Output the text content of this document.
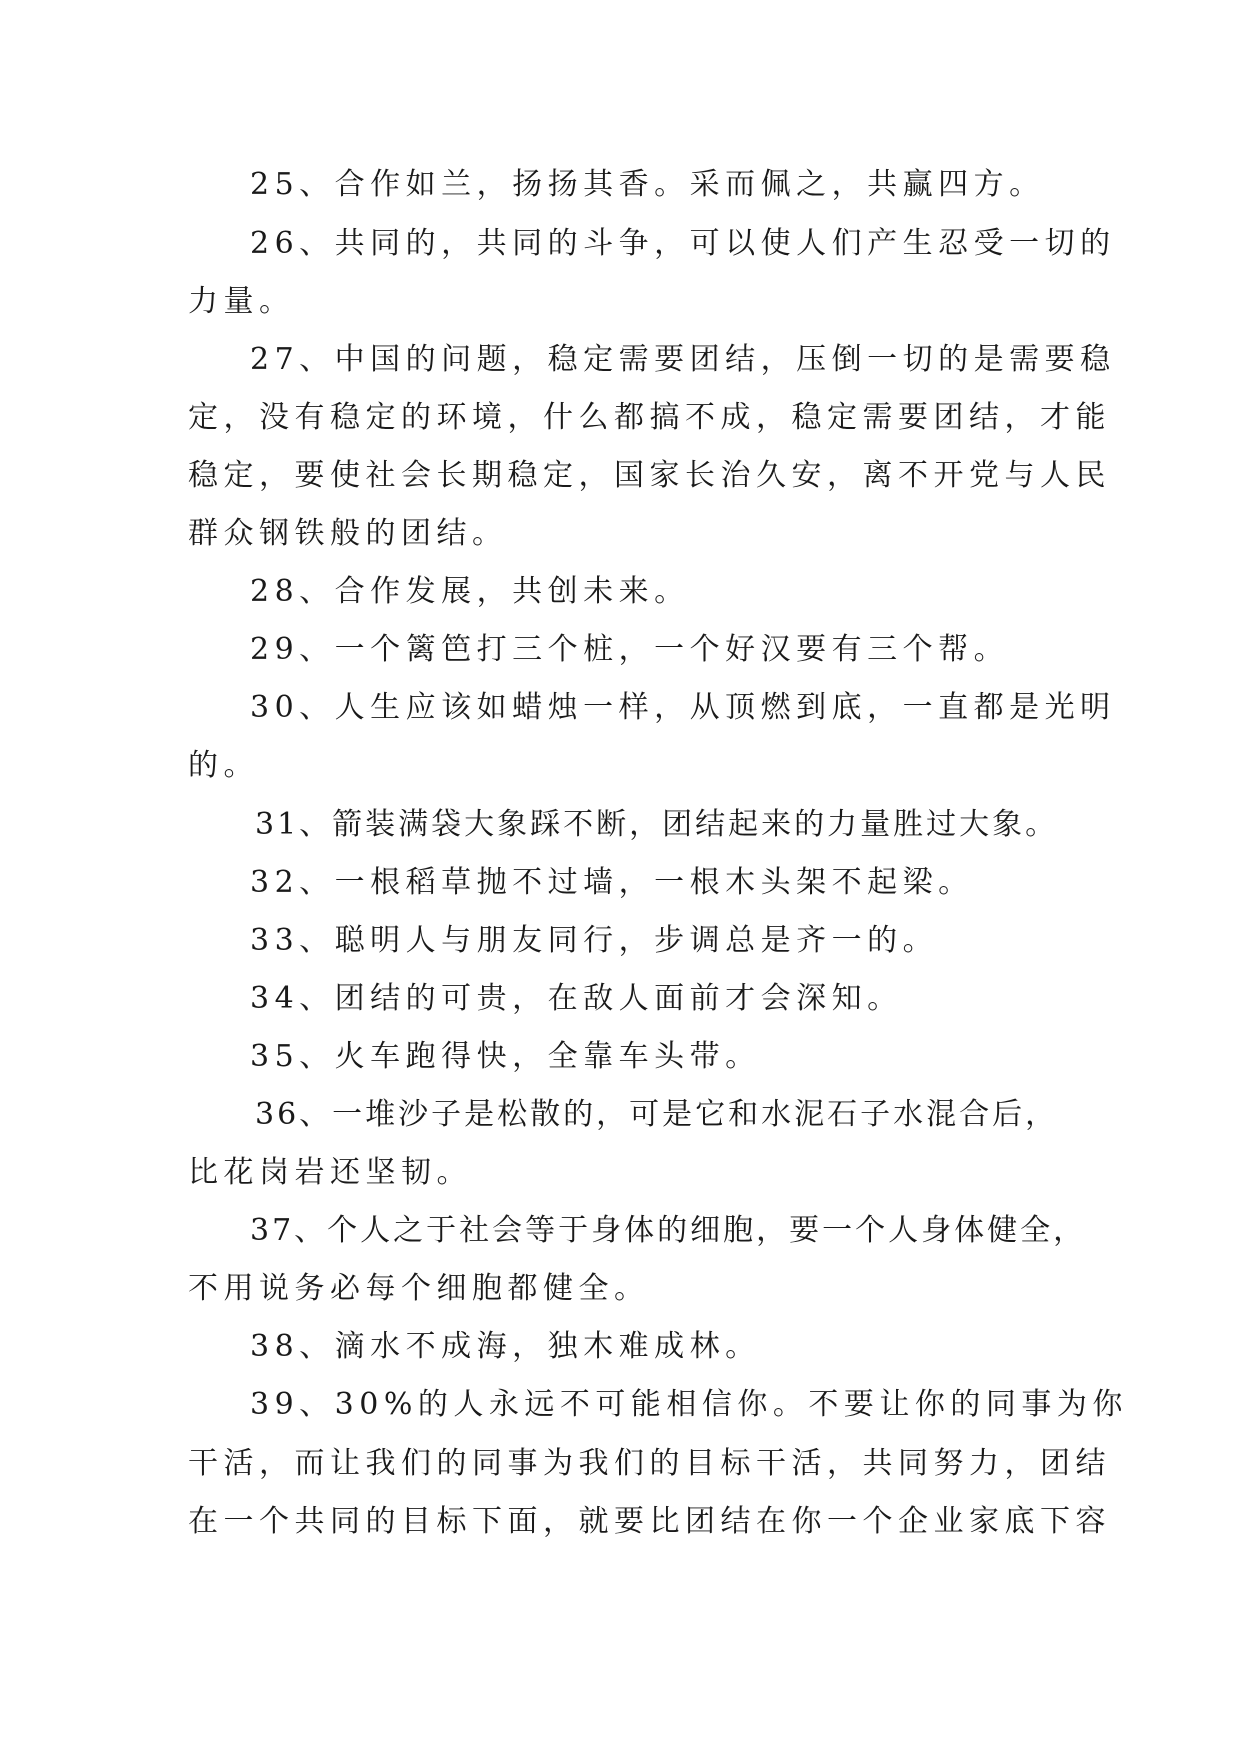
25、合作如兰，扬扬其香。采而佩之，共赢四方。
26、共同的，共同的斗争，可以使人们产生忍受一切的
力量。
27、中国的问题，稳定需要团结，压倒一切的是需要稳
定，没有稳定的环境，什么都搞不成，稳定需要团结，才能
稳定，要使社会长期稳定，国家长治久安，离不开党与人民
群众钢铁般的团结。
28、合作发展，共创未来。
29、一个篱笆打三个桩，一个好汉要有三个帮。
30、人生应该如蜡烛一样，从顶燃到底，一直都是光明
的。
31、箭装满袋大象踩不断，团结起来的力量胜过大象。
32、一根稻草抛不过墙，一根木头架不起梁。
33、聪明人与朋友同行，步调总是齐一的。
34、团结的可贵，在敌人面前才会深知。
35、火车跑得快，全靠车头带。
36、一堆沙子是松散的，可是它和水泥石子水混合后，
比花岗岩还坚韧。
37、个人之于社会等于身体的细胞，要一个人身体健全，
不用说务必每个细胞都健全。
38、滴水不成海，独木难成林。
39、30%的人永远不可能相信你。不要让你的同事为你
干活，而让我们的同事为我们的目标干活，共同努力，团结
在一个共同的目标下面，就要比团结在你一个企业家底下容
